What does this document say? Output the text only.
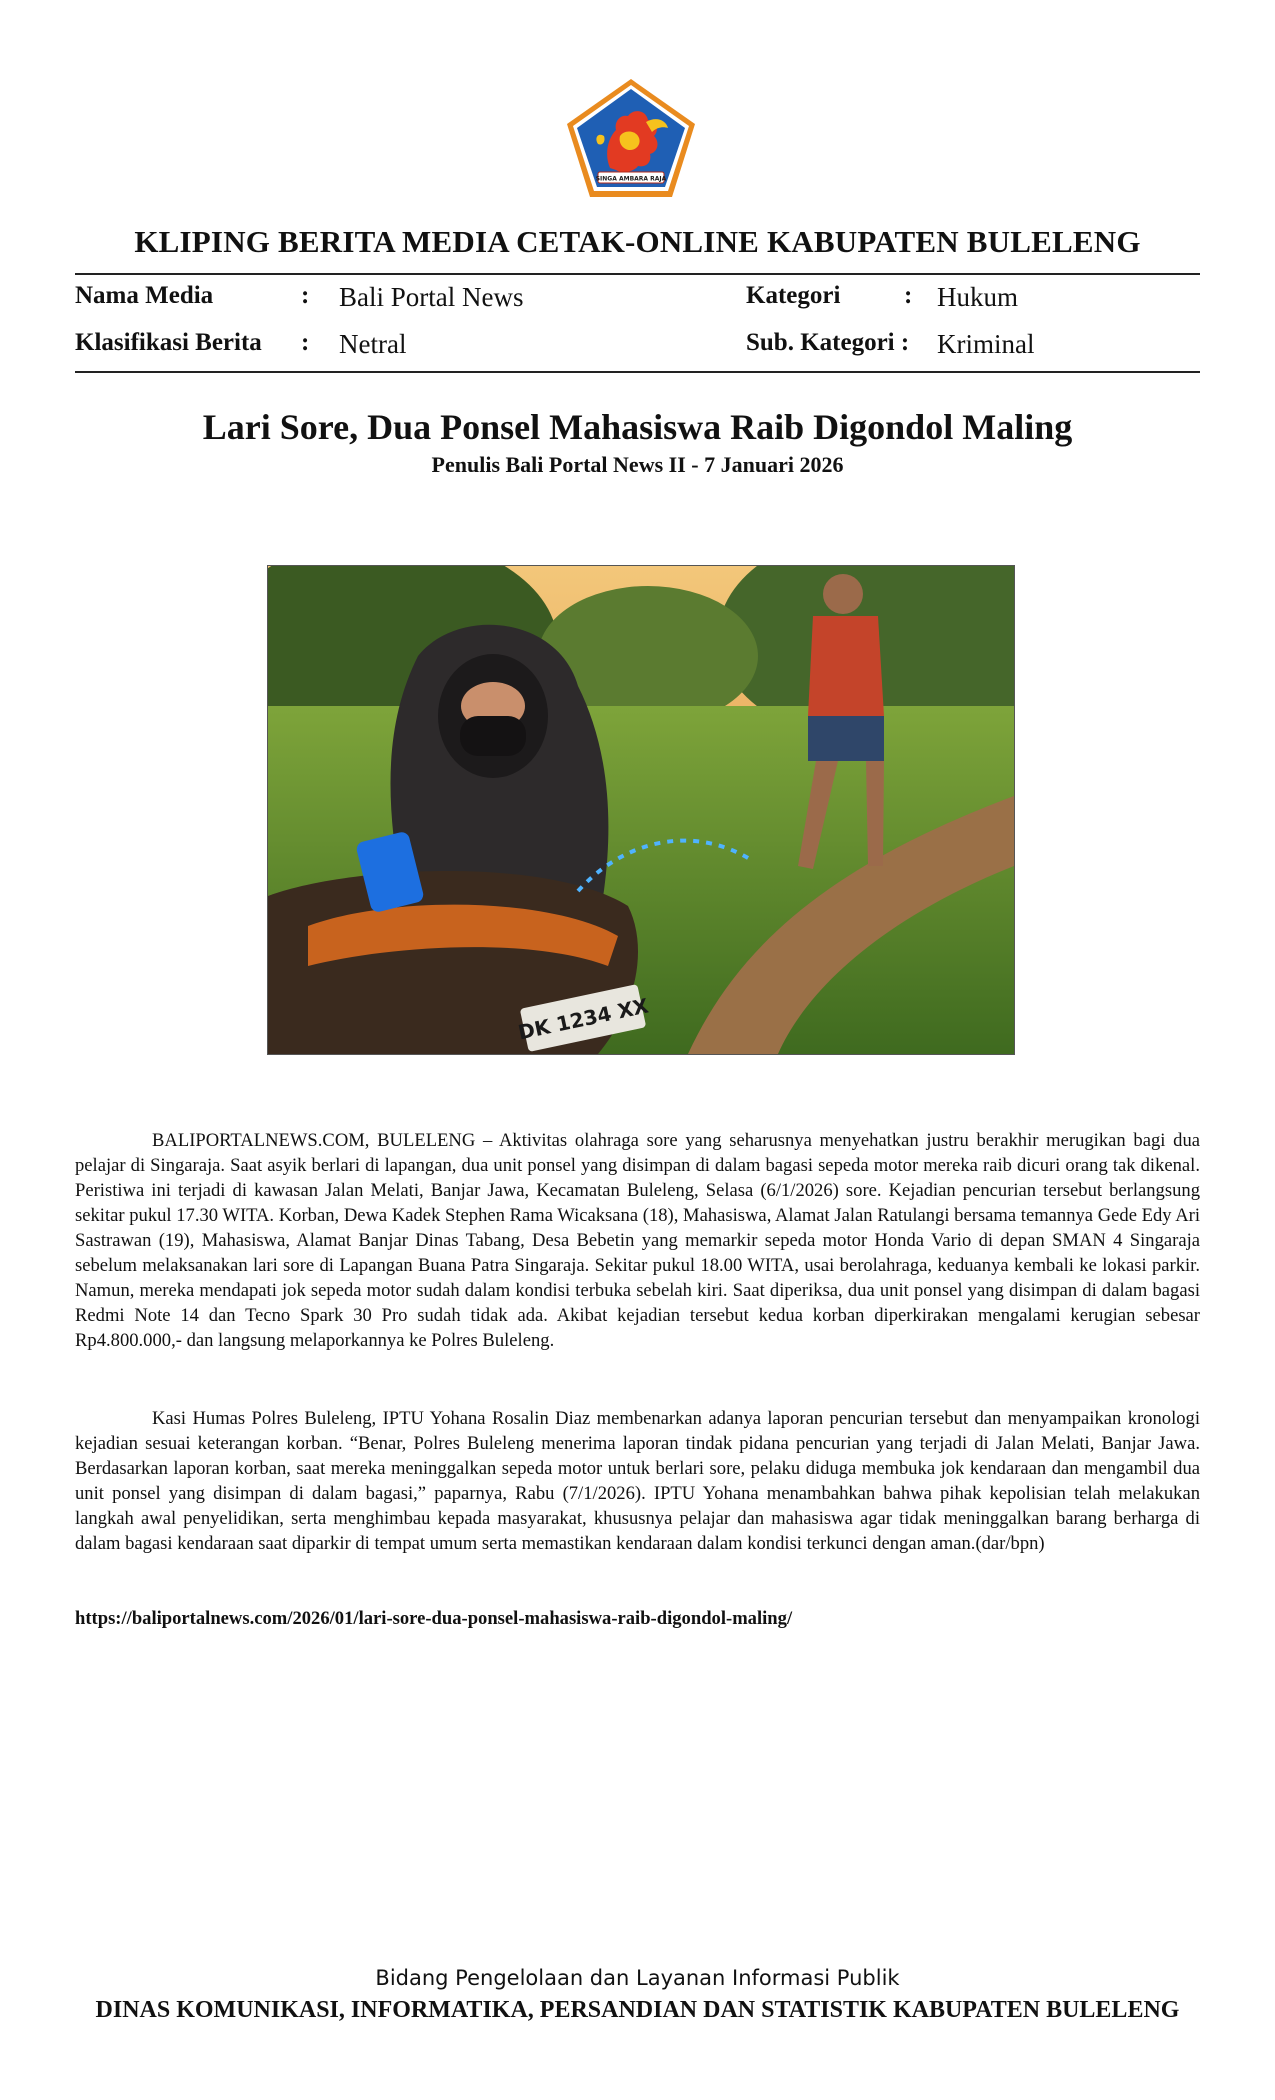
SINGA AMBARA RAJA
KLIPING BERITA MEDIA CETAK-ONLINE KABUPATEN BULELENG
Nama Media	: Bali Portal News
Klasifikasi Berita : Netral
Kategori	: Hukum
Sub. Kategori : Kriminal
Lari Sore, Dua Ponsel Mahasiswa Raib Digondol Maling
Penulis Bali Portal News II - 7 Januari 2026
DK 1234 XX

BALIPORTALNEWS.COM, BULELENG – Aktivitas olahraga sore yang seharusnya menyehatkan justru berakhir merugikan bagi dua pelajar di Singaraja. Saat asyik berlari di lapangan, dua unit ponsel yang disimpan di dalam bagasi sepeda motor mereka raib dicuri orang tak dikenal. Peristiwa ini terjadi di kawasan Jalan Melati, Banjar Jawa, Kecamatan Buleleng, Selasa (6/1/2026) sore. Kejadian pencurian tersebut berlangsung sekitar pukul 17.30 WITA. Korban, Dewa Kadek Stephen Rama Wicaksana (18), Mahasiswa, Alamat Jalan Ratulangi bersama temannya Gede Edy Ari Sastrawan (19), Mahasiswa, Alamat Banjar Dinas Tabang, Desa Bebetin yang memarkir sepeda motor Honda Vario di depan SMAN 4 Singaraja sebelum melaksanakan lari sore di Lapangan Buana Patra Singaraja. Sekitar pukul 18.00 WITA, usai berolahraga, keduanya kembali ke lokasi parkir. Namun, mereka mendapati jok sepeda motor sudah dalam kondisi terbuka sebelah kiri. Saat diperiksa, dua unit ponsel yang disimpan di dalam bagasi Redmi Note 14 dan Tecno Spark 30 Pro sudah tidak ada. Akibat kejadian tersebut kedua korban diperkirakan mengalami kerugian sebesar Rp4.800.000,- dan langsung melaporkannya ke Polres Buleleng.

Kasi Humas Polres Buleleng, IPTU Yohana Rosalin Diaz membenarkan adanya laporan pencurian tersebut dan menyampaikan kronologi kejadian sesuai keterangan korban. “Benar, Polres Buleleng menerima laporan tindak pidana pencurian yang terjadi di Jalan Melati, Banjar Jawa. Berdasarkan laporan korban, saat mereka meninggalkan sepeda motor untuk berlari sore, pelaku diduga membuka jok kendaraan dan mengambil dua unit ponsel yang disimpan di dalam bagasi,” paparnya, Rabu (7/1/2026). IPTU Yohana menambahkan bahwa pihak kepolisian telah melakukan langkah awal penyelidikan, serta menghimbau kepada masyarakat, khususnya pelajar dan mahasiswa agar tidak meninggalkan barang berharga di dalam bagasi kendaraan saat diparkir di tempat umum serta memastikan kendaraan dalam kondisi terkunci dengan aman.(dar/bpn)

https://baliportalnews.com/2026/01/lari-sore-dua-ponsel-mahasiswa-raib-digondol-maling/
Bidang Pengelolaan dan Layanan Informasi Publik
DINAS KOMUNIKASI, INFORMATIKA, PERSANDIAN DAN STATISTIK KABUPATEN BULELENG
